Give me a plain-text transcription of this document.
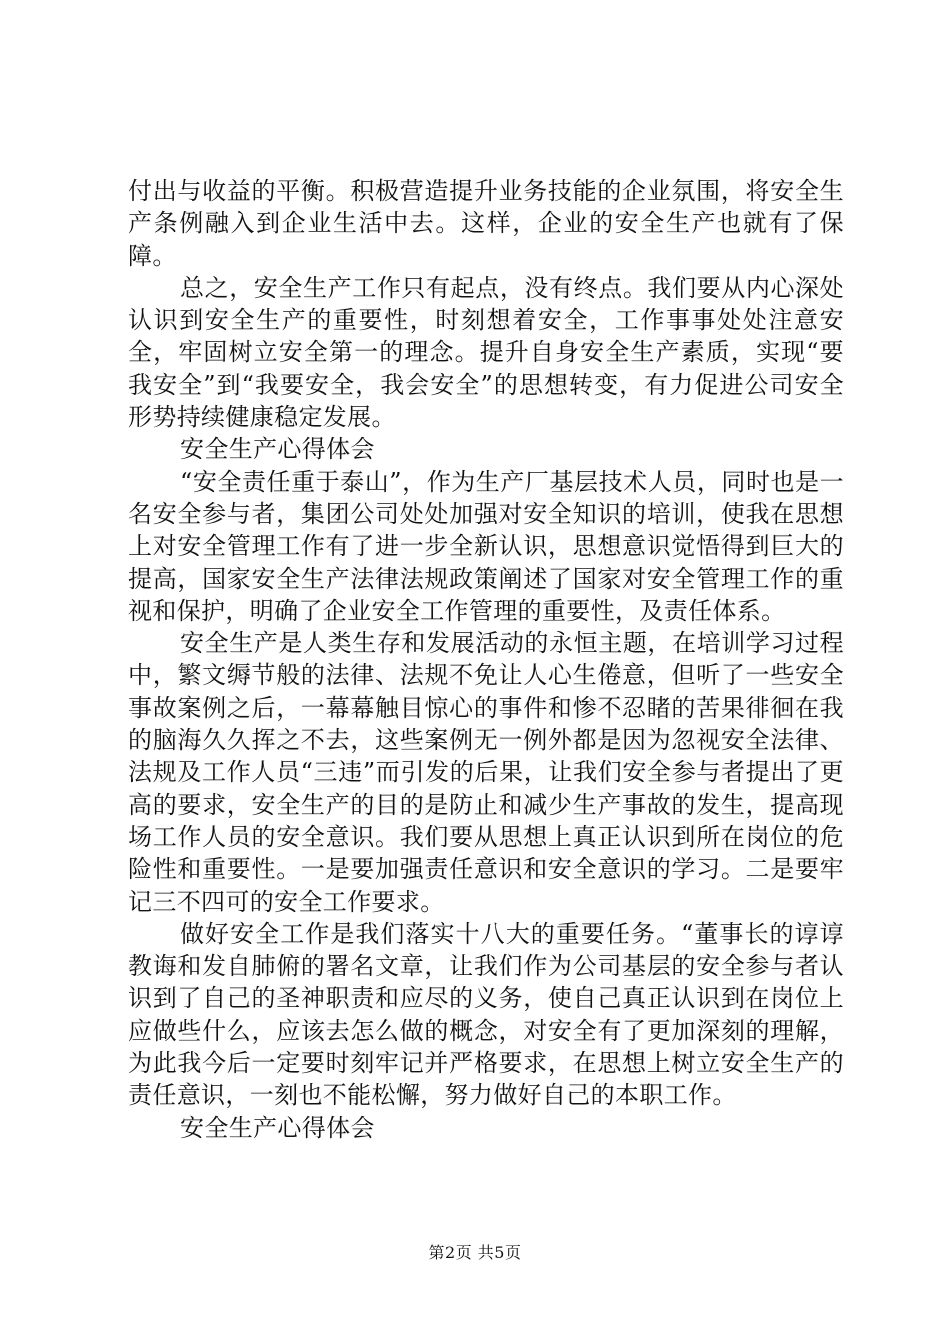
付出与收益的平衡。积极营造提升业务技能的企业氛围，将安全生产条例融入到企业生活中去。这样，企业的安全生产也就有了保障。

总之，安全生产工作只有起点，没有终点。我们要从内心深处认识到安全生产的重要性，时刻想着安全，工作事事处处注意安全，牢固树立安全第一的理念。提升自身安全生产素质，实现“要我安全”到“我要安全，我会安全”的思想转变，有力促进公司安全形势持续健康稳定发展。

安全生产心得体会

“安全责任重于泰山”，作为生产厂基层技术人员，同时也是一名安全参与者，集团公司处处加强对安全知识的培训，使我在思想上对安全管理工作有了进一步全新认识，思想意识觉悟得到巨大的提高，国家安全生产法律法规政策阐述了国家对安全管理工作的重视和保护，明确了企业安全工作管理的重要性，及责任体系。

安全生产是人类生存和发展活动的永恒主题，在培训学习过程中，繁文缛节般的法律、法规不免让人心生倦意，但听了一些安全事故案例之后，一幕幕触目惊心的事件和惨不忍睹的苦果徘徊在我的脑海久久挥之不去，这些案例无一例外都是因为忽视安全法律、法规及工作人员“三违”而引发的后果，让我们安全参与者提出了更高的要求，安全生产的目的是防止和减少生产事故的发生，提高现场工作人员的安全意识。我们要从思想上真正认识到所在岗位的危险性和重要性。一是要加强责任意识和安全意识的学习。二是要牢记三不四可的安全工作要求。

做好安全工作是我们落实十八大的重要任务。“董事长的谆谆教诲和发自肺俯的署名文章，让我们作为公司基层的安全参与者认识到了自己的圣神职责和应尽的义务，使自己真正认识到在岗位上应做些什么，应该去怎么做的概念，对安全有了更加深刻的理解，为此我今后一定要时刻牢记并严格要求，在思想上树立安全生产的责任意识，一刻也不能松懈，努力做好自己的本职工作。

安全生产心得体会

第2页 共5页
